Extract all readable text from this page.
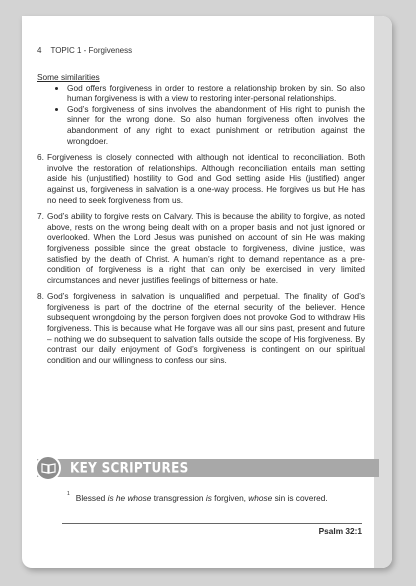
4 TOPIC 1 - Forgiveness
Some similarities
• God offers forgiveness in order to restore a relationship broken by sin. So also human forgiveness is with a view to restoring inter-personal relationships.
• God’s forgiveness of sins involves the abandonment of His right to punish the sinner for the wrong done. So also human forgiveness often involves the abandonment of any right to exact punishment or retribution against the wrongdoer.
6. Forgiveness is closely connected with although not identical to reconciliation. Both involve the restoration of relationships. Although reconciliation entails man setting aside his (unjustified) hostility to God and God setting aside His (justified) anger against us, forgiveness in salvation is a one-way process. He forgives us but He has no need to seek forgiveness from us.
7. God’s ability to forgive rests on Calvary. This is because the ability to forgive, as noted above, rests on the wrong being dealt with on a proper basis and not just ignored or overlooked. When the Lord Jesus was punished on account of sin He was making forgiveness possible since the great obstacle to forgiveness, divine justice, was satisfied by the death of Christ. A human’s right to demand repentance as a pre-condition of forgiveness is a right that can only be exercised in very limited circumstances and never justifies feelings of bitterness or hate.
8. God’s forgiveness in salvation is unqualified and perpetual. The finality of God’s forgiveness is part of the doctrine of the eternal security of the believer. Hence subsequent wrongdoing by the person forgiven does not provoke God to withdraw His forgiveness. This is because what He forgave was all our sins past, present and future – nothing we do subsequent to salvation falls outside the scope of His forgiveness. By contrast our daily enjoyment of God’s forgiveness is contingent on our spiritual condition and our willingness to confess our sins.
KEY SCRIPTURES
$^1$ Blessed is he whose transgression is forgiven, whose sin is covered.
Psalm 32:1
